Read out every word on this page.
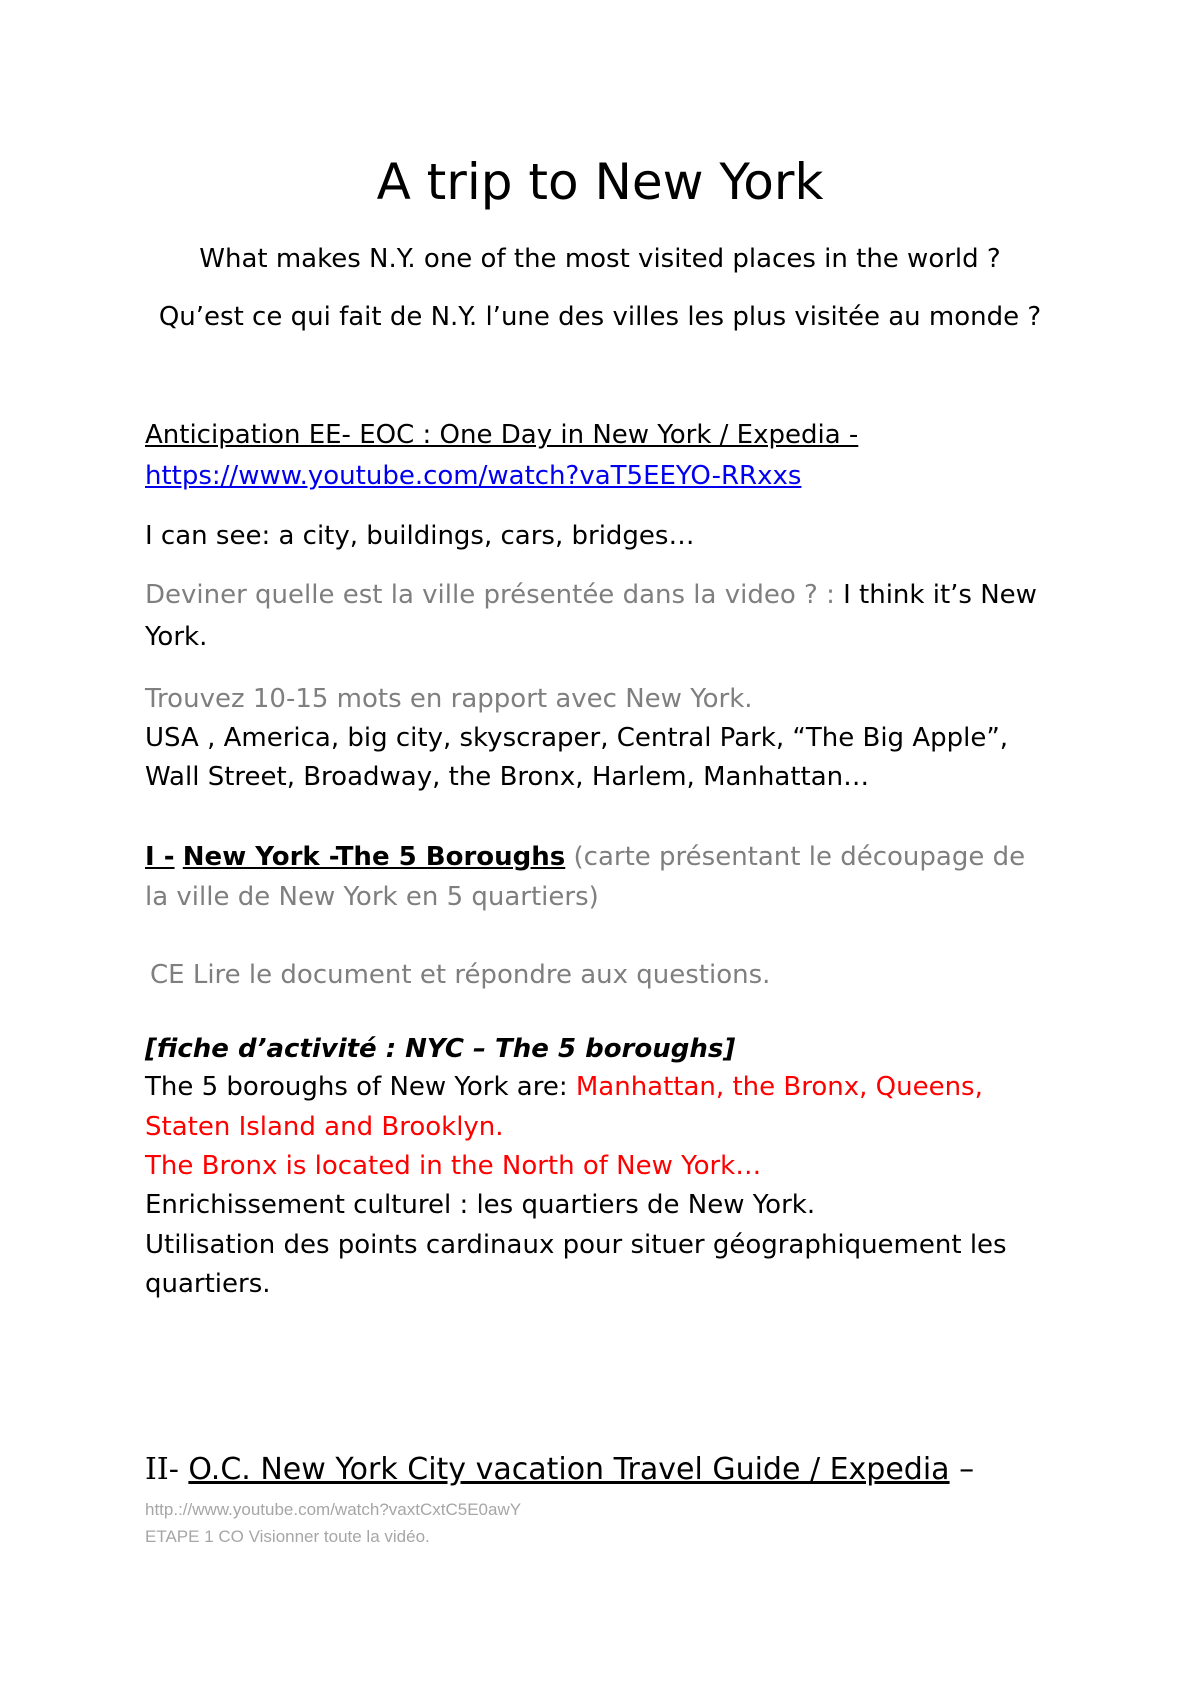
A trip to New York
What makes N.Y. one of the most visited places in the world ?
Qu’est ce qui fait de N.Y. l’une des villes les plus visitée au monde ?
Anticipation EE- EOC : One Day in New York / Expedia -
https://www.youtube.com/watch?vaT5EEYO-RRxxs
I can see: a city, buildings, cars, bridges…
Deviner quelle est la ville présentée dans la video ? : I think it’s New
York.
Trouvez 10-15 mots en rapport avec New York.
USA , America, big city, skyscraper, Central Park, “The Big Apple”,
Wall Street, Broadway, the Bronx, Harlem, Manhattan…
I - New York -The 5 Boroughs (carte présentant le découpage de
la ville de New York en 5 quartiers)
CE Lire le document et répondre aux questions.
[fiche d’activité : NYC – The 5 boroughs]
The 5 boroughs of New York are: Manhattan, the Bronx, Queens,
Staten Island and Brooklyn.
The Bronx is located in the North of New York…
Enrichissement culturel : les quartiers de New York.
Utilisation des points cardinaux pour situer géographiquement les
quartiers.
II- O.C. New York City vacation Travel Guide / Expedia –
http.://www.youtube.com/watch?vaxtCxtC5E0awY
ETAPE 1 CO Visionner toute la vidéo.
